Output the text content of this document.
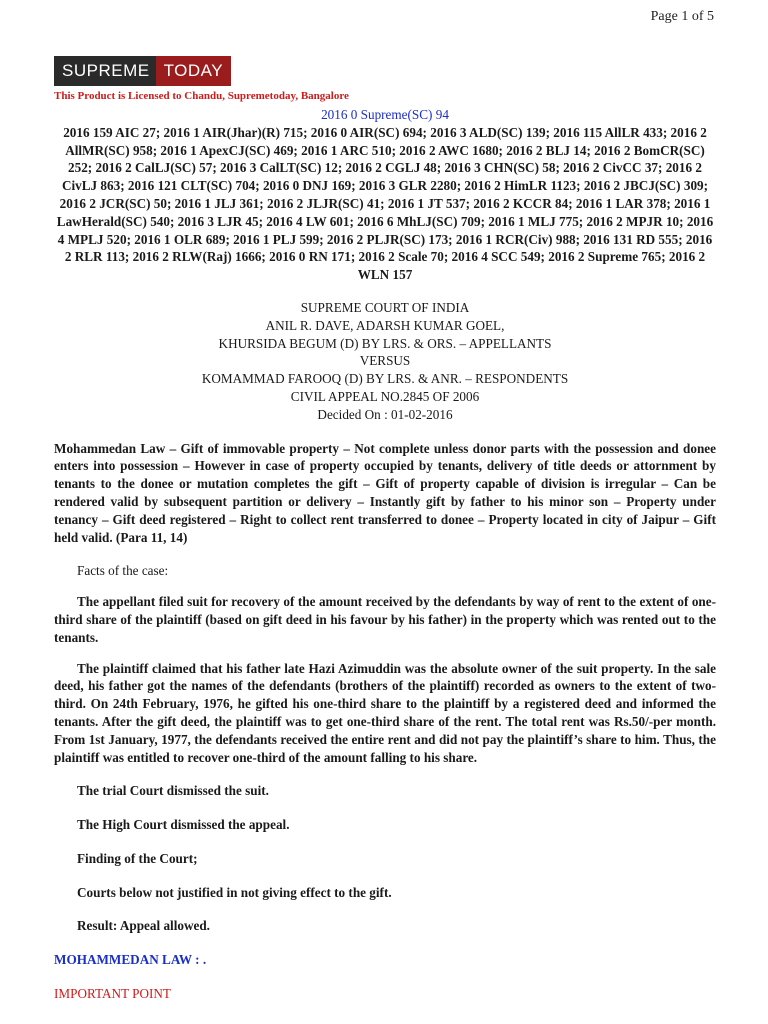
Page 1 of 5
SUPREME TODAY
This Product is Licensed to Chandu, Supremetoday, Bangalore
2016 0 Supreme(SC) 94

2016 159 AIC 27; 2016 1 AIR(Jhar)(R) 715; 2016 0 AIR(SC) 694; 2016 3 ALD(SC) 139; 2016 115 AllLR 433; 2016 2 AllMR(SC) 958; 2016 1 ApexCJ(SC) 469; 2016 1 ARC 510; 2016 2 AWC 1680; 2016 2 BLJ 14; 2016 2 BomCR(SC) 252; 2016 2 CalLJ(SC) 57; 2016 3 CalLT(SC) 12; 2016 2 CGLJ 48; 2016 3 CHN(SC) 58; 2016 2 CivCC 37; 2016 2 CivLJ 863; 2016 121 CLT(SC) 704; 2016 0 DNJ 169; 2016 3 GLR 2280; 2016 2 HimLR 1123; 2016 2 JBCJ(SC) 309; 2016 2 JCR(SC) 50; 2016 1 JLJ 361; 2016 2 JLJR(SC) 41; 2016 1 JT 537; 2016 2 KCCR 84; 2016 1 LAR 378; 2016 1 LawHerald(SC) 540; 2016 3 LJR 45; 2016 4 LW 601; 2016 6 MhLJ(SC) 709; 2016 1 MLJ 775; 2016 2 MPJR 10; 2016 4 MPLJ 520; 2016 1 OLR 689; 2016 1 PLJ 599; 2016 2 PLJR(SC) 173; 2016 1 RCR(Civ) 988; 2016 131 RD 555; 2016 2 RLR 113; 2016 2 RLW(Raj) 1666; 2016 0 RN 171; 2016 2 Scale 70; 2016 4 SCC 549; 2016 2 Supreme 765; 2016 2 WLN 157

SUPREME COURT OF INDIA
ANIL R. DAVE, ADARSH KUMAR GOEL,
KHURSIDA BEGUM (D) BY LRS. & ORS. – APPELLANTS
VERSUS
KOMAMMAD FAROOQ (D) BY LRS. & ANR. – RESPONDENTS
CIVIL APPEAL NO.2845 OF 2006
Decided On : 01-02-2016
Mohammedan Law – Gift of immovable property – Not complete unless donor parts with the possession and donee enters into possession – However in case of property occupied by tenants, delivery of title deeds or attornment by tenants to the donee or mutation completes the gift – Gift of property capable of division is irregular – Can be rendered valid by subsequent partition or delivery – Instantly gift by father to his minor son – Property under tenancy – Gift deed registered – Right to collect rent transferred to donee – Property located in city of Jaipur – Gift held valid. (Para 11, 14)
Facts of the case:
The appellant filed suit for recovery of the amount received by the defendants by way of rent to the extent of one-third share of the plaintiff (based on gift deed in his favour by his father) in the property which was rented out to the tenants.
The plaintiff claimed that his father late Hazi Azimuddin was the absolute owner of the suit property. In the sale deed, his father got the names of the defendants (brothers of the plaintiff) recorded as owners to the extent of two-third. On 24th February, 1976, he gifted his one-third share to the plaintiff by a registered deed and informed the tenants. After the gift deed, the plaintiff was to get one-third share of the rent. The total rent was Rs.50/-per month. From 1st January, 1977, the defendants received the entire rent and did not pay the plaintiff’s share to him. Thus, the plaintiff was entitled to recover one-third of the amount falling to his share.
The trial Court dismissed the suit.
The High Court dismissed the appeal.
Finding of the Court;
Courts below not justified in not giving effect to the gift.
Result: Appeal allowed.
MOHAMMEDAN LAW : .
IMPORTANT POINT
